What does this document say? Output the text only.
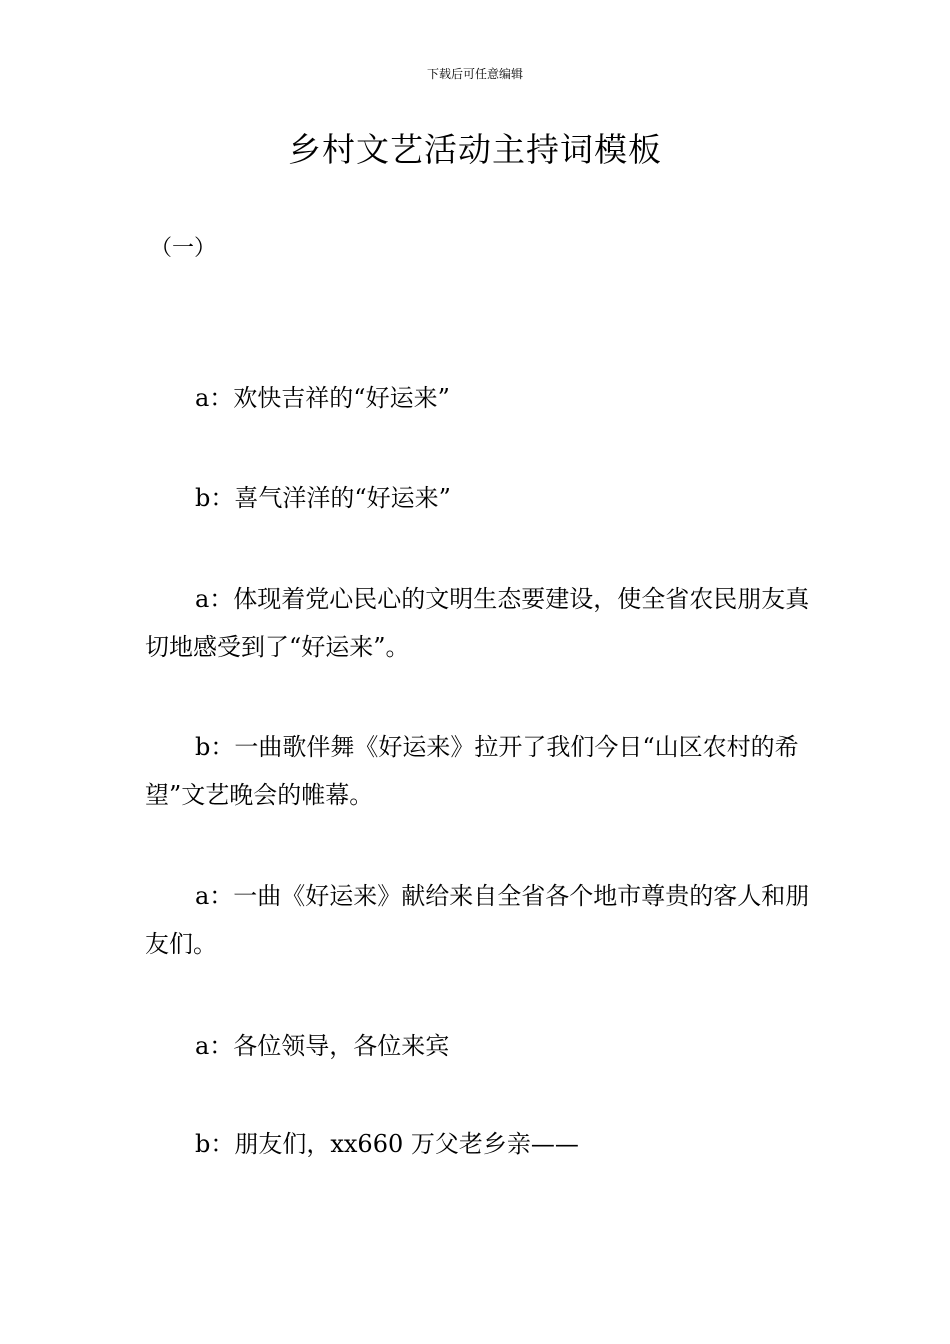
下载后可任意编辑
乡村文艺活动主持词模板
（一）

a：欢快吉祥的“好运来”

b：喜气洋洋的“好运来”

a：体现着党心民心的文明生态要建设，使全省农民朋友真切地感受到了“好运来”。

b：一曲歌伴舞《好运来》拉开了我们今日“山区农村的希望”文艺晚会的帷幕。

a：一曲《好运来》献给来自全省各个地市尊贵的客人和朋友们。

a：各位领导，各位来宾

b：朋友们，xx660 万父老乡亲——
